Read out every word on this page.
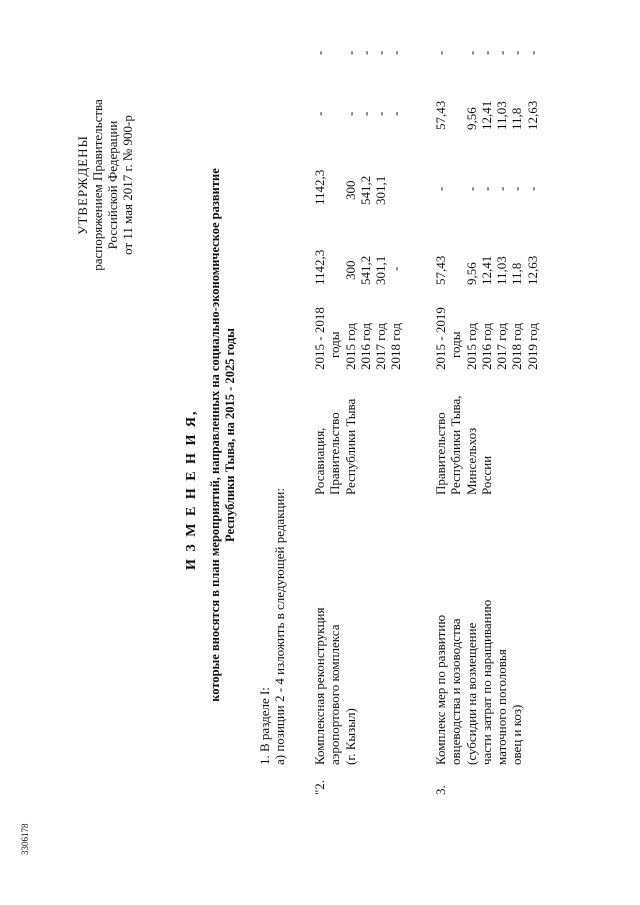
3306178
УТВЕРЖДЕНЫ распоряжением Правительства Российской Федерации от 11 мая 2017 г. № 900-р
И З М Е Н Е Н И Я, которые вносятся в план мероприятий, направленных на социально-экономическое развитие Республики Тыва, на 2015 - 2025 годы
1. В разделе I: а) позиции 2 - 4 изложить в следующей редакции:
"2.
Комплексная реконструкция аэропортового комплекса (г. Кызыл)
Росавиация, Правительство Республики Тыва
2015 - 2018 годы 2015 год 2016 год 2017 год 2018 год
1142,3
300 541,2 301,1 -
1142,3
300 541,2 301,1

-
- - - -
-
- - - -
3.
Комплекс мер по развитию овцеводства и козоводства (субсидии на возмещение части затрат по наращиванию маточного поголовья овец и коз)
Правительство Республики Тыва, Минсельхоз России
2015 - 2019 годы 2015 год 2016 год 2017 год 2018 год 2019 год
57,43
9,56 12,41 11,03 11,8 12,63
-
- - - - -
57,43
9,56 12,41 11,03 11,8 12,63
-
- - - - -
